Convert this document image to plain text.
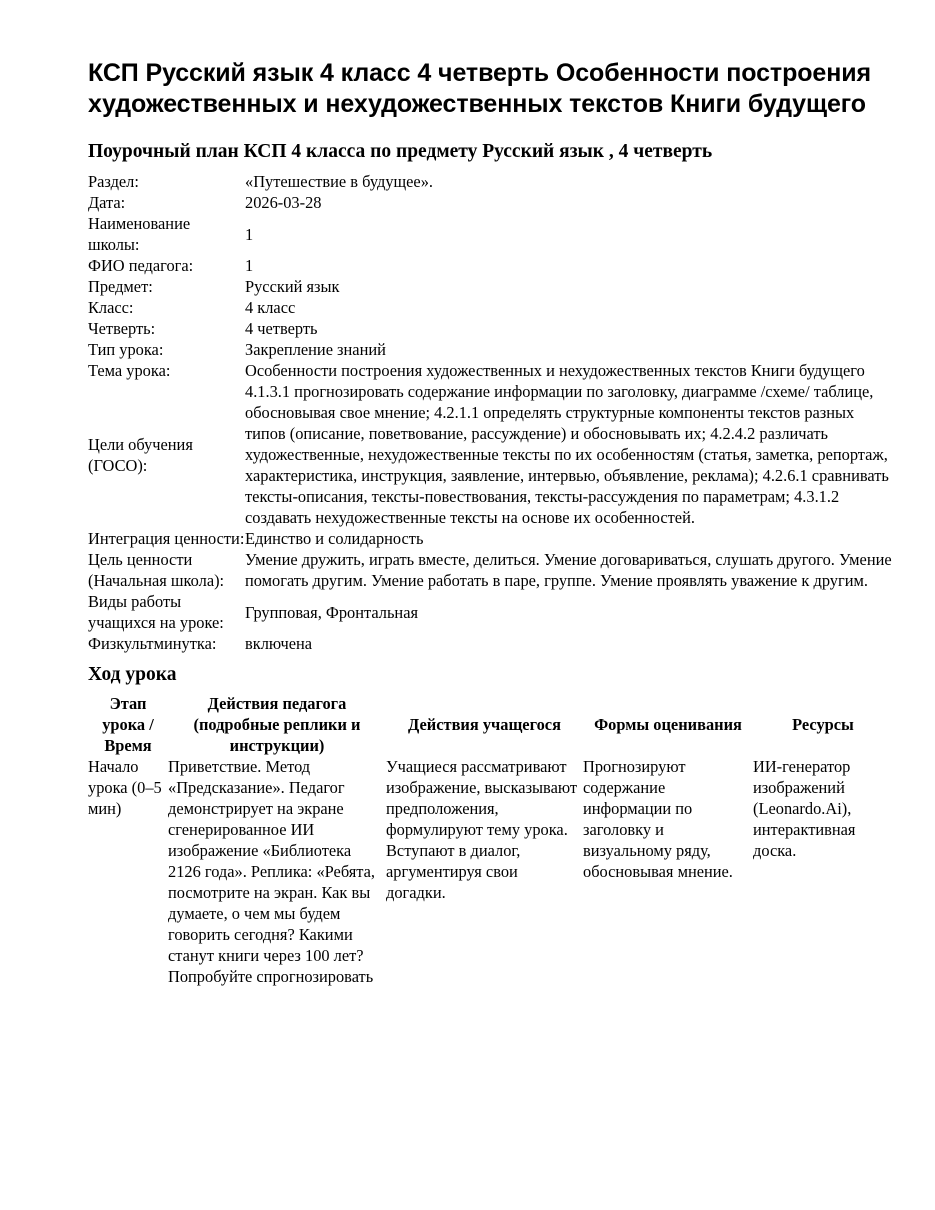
КСП Русский язык 4 класс 4 четверть Особенности построения художественных и нехудожественных текстов Книги будущего
Поурочный план КСП 4 класса по предмету Русский язык , 4 четверть
Раздел:	«Путешествие в будущее».
Дата:	2026-03-28
Наименование школы:	1
ФИО педагога:	1
Предмет:	Русский язык
Класс:	4 класс
Четверть:	4 четверть
Тип урока:	Закрепление знаний
Тема урока:	Особенности построения художественных и нехудожественных текстов Книги будущего
Цели обучения (ГОСО):	4.1.3.1 прогнозировать содержание информации по заголовку, диаграмме /схеме/ таблице, обосновывая свое мнение; 4.2.1.1 определять структурные компоненты текстов разных типов (описание, поветвование, рассуждение) и обосновывать их; 4.2.4.2 различать художественные, нехудожественные тексты по их особенностям (статья, заметка, репортаж, характеристика, инструкция, заявление, интервью, объявление, реклама); 4.2.6.1 сравнивать тексты-описания, тексты-повествования, тексты-рассуждения по параметрам; 4.3.1.2 создавать нехудожественные тексты на основе их особенностей.
Интеграция ценности:	Единство и солидарность
Цель ценности (Начальная школа):	Умение дружить, играть вместе, делиться. Умение договариваться, слушать другого. Умение помогать другим. Умение работать в паре, группе. Умение проявлять уважение к другим.
Виды работы учащихся на уроке:	Групповая, Фронтальная
Физкультминутка:	включена
Ход урока
Этап урока / Время	Действия педагога (подробные реплики и инструкции)	Действия учащегося	Формы оценивания	Ресурсы
Начало урока (0–5 мин)	Приветствие. Метод «Предсказание». Педагог демонстрирует на экране сгенерированное ИИ изображение «Библиотека 2126 года». Реплика: «Ребята, посмотрите на экран. Как вы думаете, о чем мы будем говорить сегодня? Какими станут книги через 100 лет? Попробуйте спрогнозировать	Учащиеся рассматривают изображение, высказывают предположения, формулируют тему урока. Вступают в диалог, аргументируя свои догадки.	Прогнозируют содержание информации по заголовку и визуальному ряду, обосновывая мнение.	ИИ-генератор изображений (Leonardo.Ai), интерактивная доска.
